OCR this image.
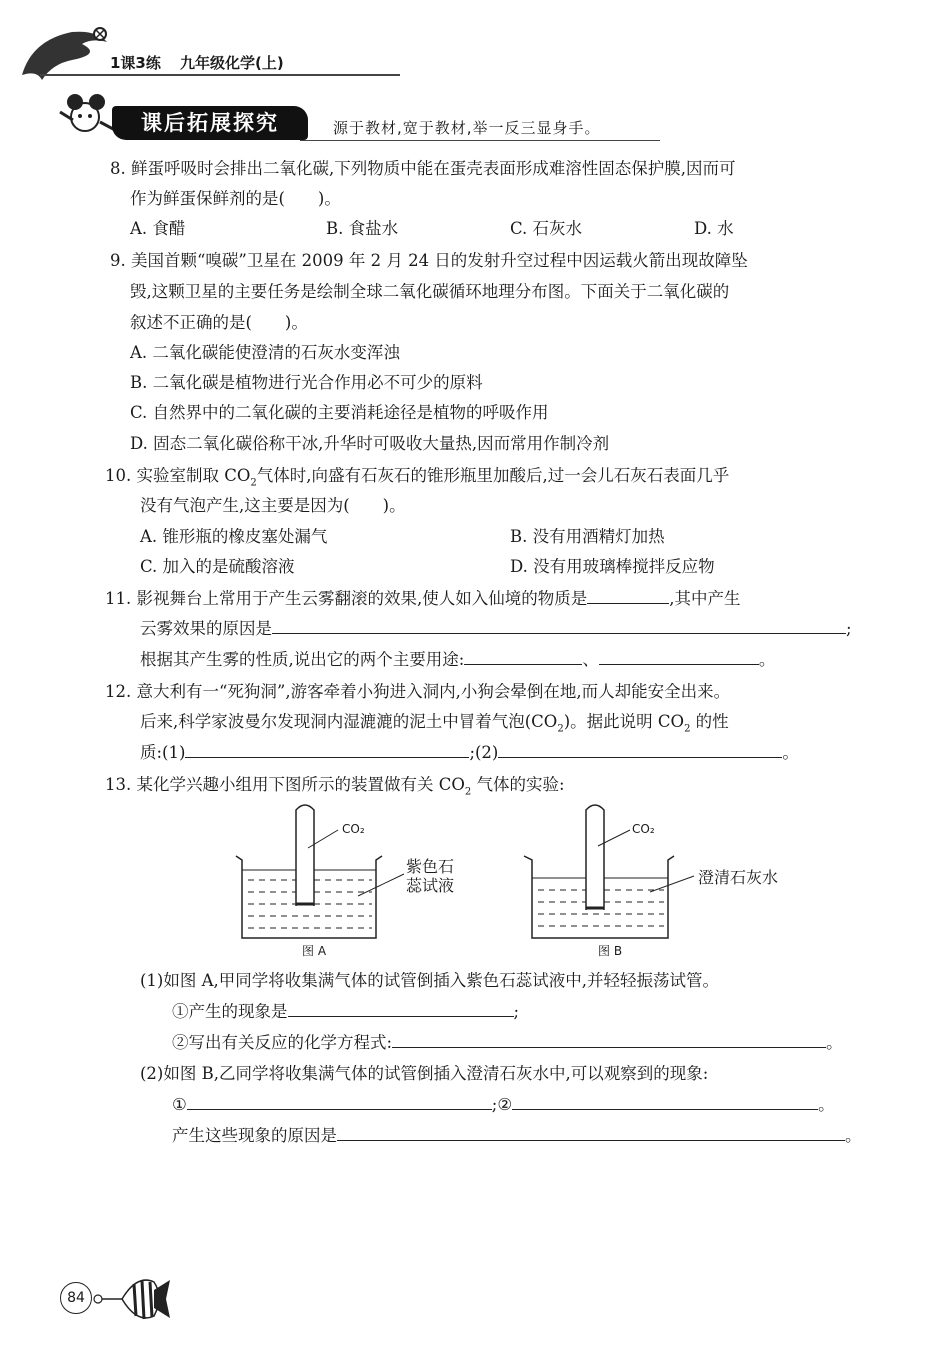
1课3练 九年级化学(上)
课后拓展探究	源于教材,宽于教材,举一反三显身手。
8. 鲜蛋呼吸时会排出二氧化碳,下列物质中能在蛋壳表面形成难溶性固态保护膜,因而可
作为鲜蛋保鲜剂的是(　　)。
A. 食醋	B. 食盐水	C. 石灰水	D. 水
9. 美国首颗“嗅碳”卫星在 2009 年 2 月 24 日的发射升空过程中因运载火箭出现故障坠
毁,这颗卫星的主要任务是绘制全球二氧化碳循环地理分布图。下面关于二氧化碳的
叙述不正确的是(　　)。
A. 二氧化碳能使澄清的石灰水变浑浊
B. 二氧化碳是植物进行光合作用必不可少的原料
C. 自然界中的二氧化碳的主要消耗途径是植物的呼吸作用
D. 固态二氧化碳俗称干冰,升华时可吸收大量热,因而常用作制冷剂
10. 实验室制取 $CO_2$气体时,向盛有石灰石的锥形瓶里加酸后,过一会儿石灰石表面几乎
没有气泡产生,这主要是因为(　　)。
A. 锥形瓶的橡皮塞处漏气	B. 没有用酒精灯加热
C. 加入的是硫酸溶液	D. 没有用玻璃棒搅拌反应物
11. 影视舞台上常用于产生云雾翻滚的效果,使人如入仙境的物质是	,其中产生
云雾效果的原因是	;
根据其产生雾的性质,说出它的两个主要用途:	、	。
12. 意大利有一“死狗洞”,游客牵着小狗进入洞内,小狗会晕倒在地,而人却能安全出来。
后来,科学家波曼尔发现洞内湿漉漉的泥土中冒着气泡$(CO_2)$。据此说明 $CO_2$ 的性
质:(1)	;(2)	。
13. 某化学兴趣小组用下图所示的装置做有关 $CO_2$ 气体的实验:
CO₂
紫色石
蕊试液
图 A
CO₂
澄清石灰水
图 B
(1)如图 A,甲同学将收集满气体的试管倒插入紫色石蕊试液中,并轻轻振荡试管。
①产生的现象是	;
②写出有关反应的化学方程式:	。
(2)如图 B,乙同学将收集满气体的试管倒插入澄清石灰水中,可以观察到的现象:
①	;②	。
产生这些现象的原因是	。
84
